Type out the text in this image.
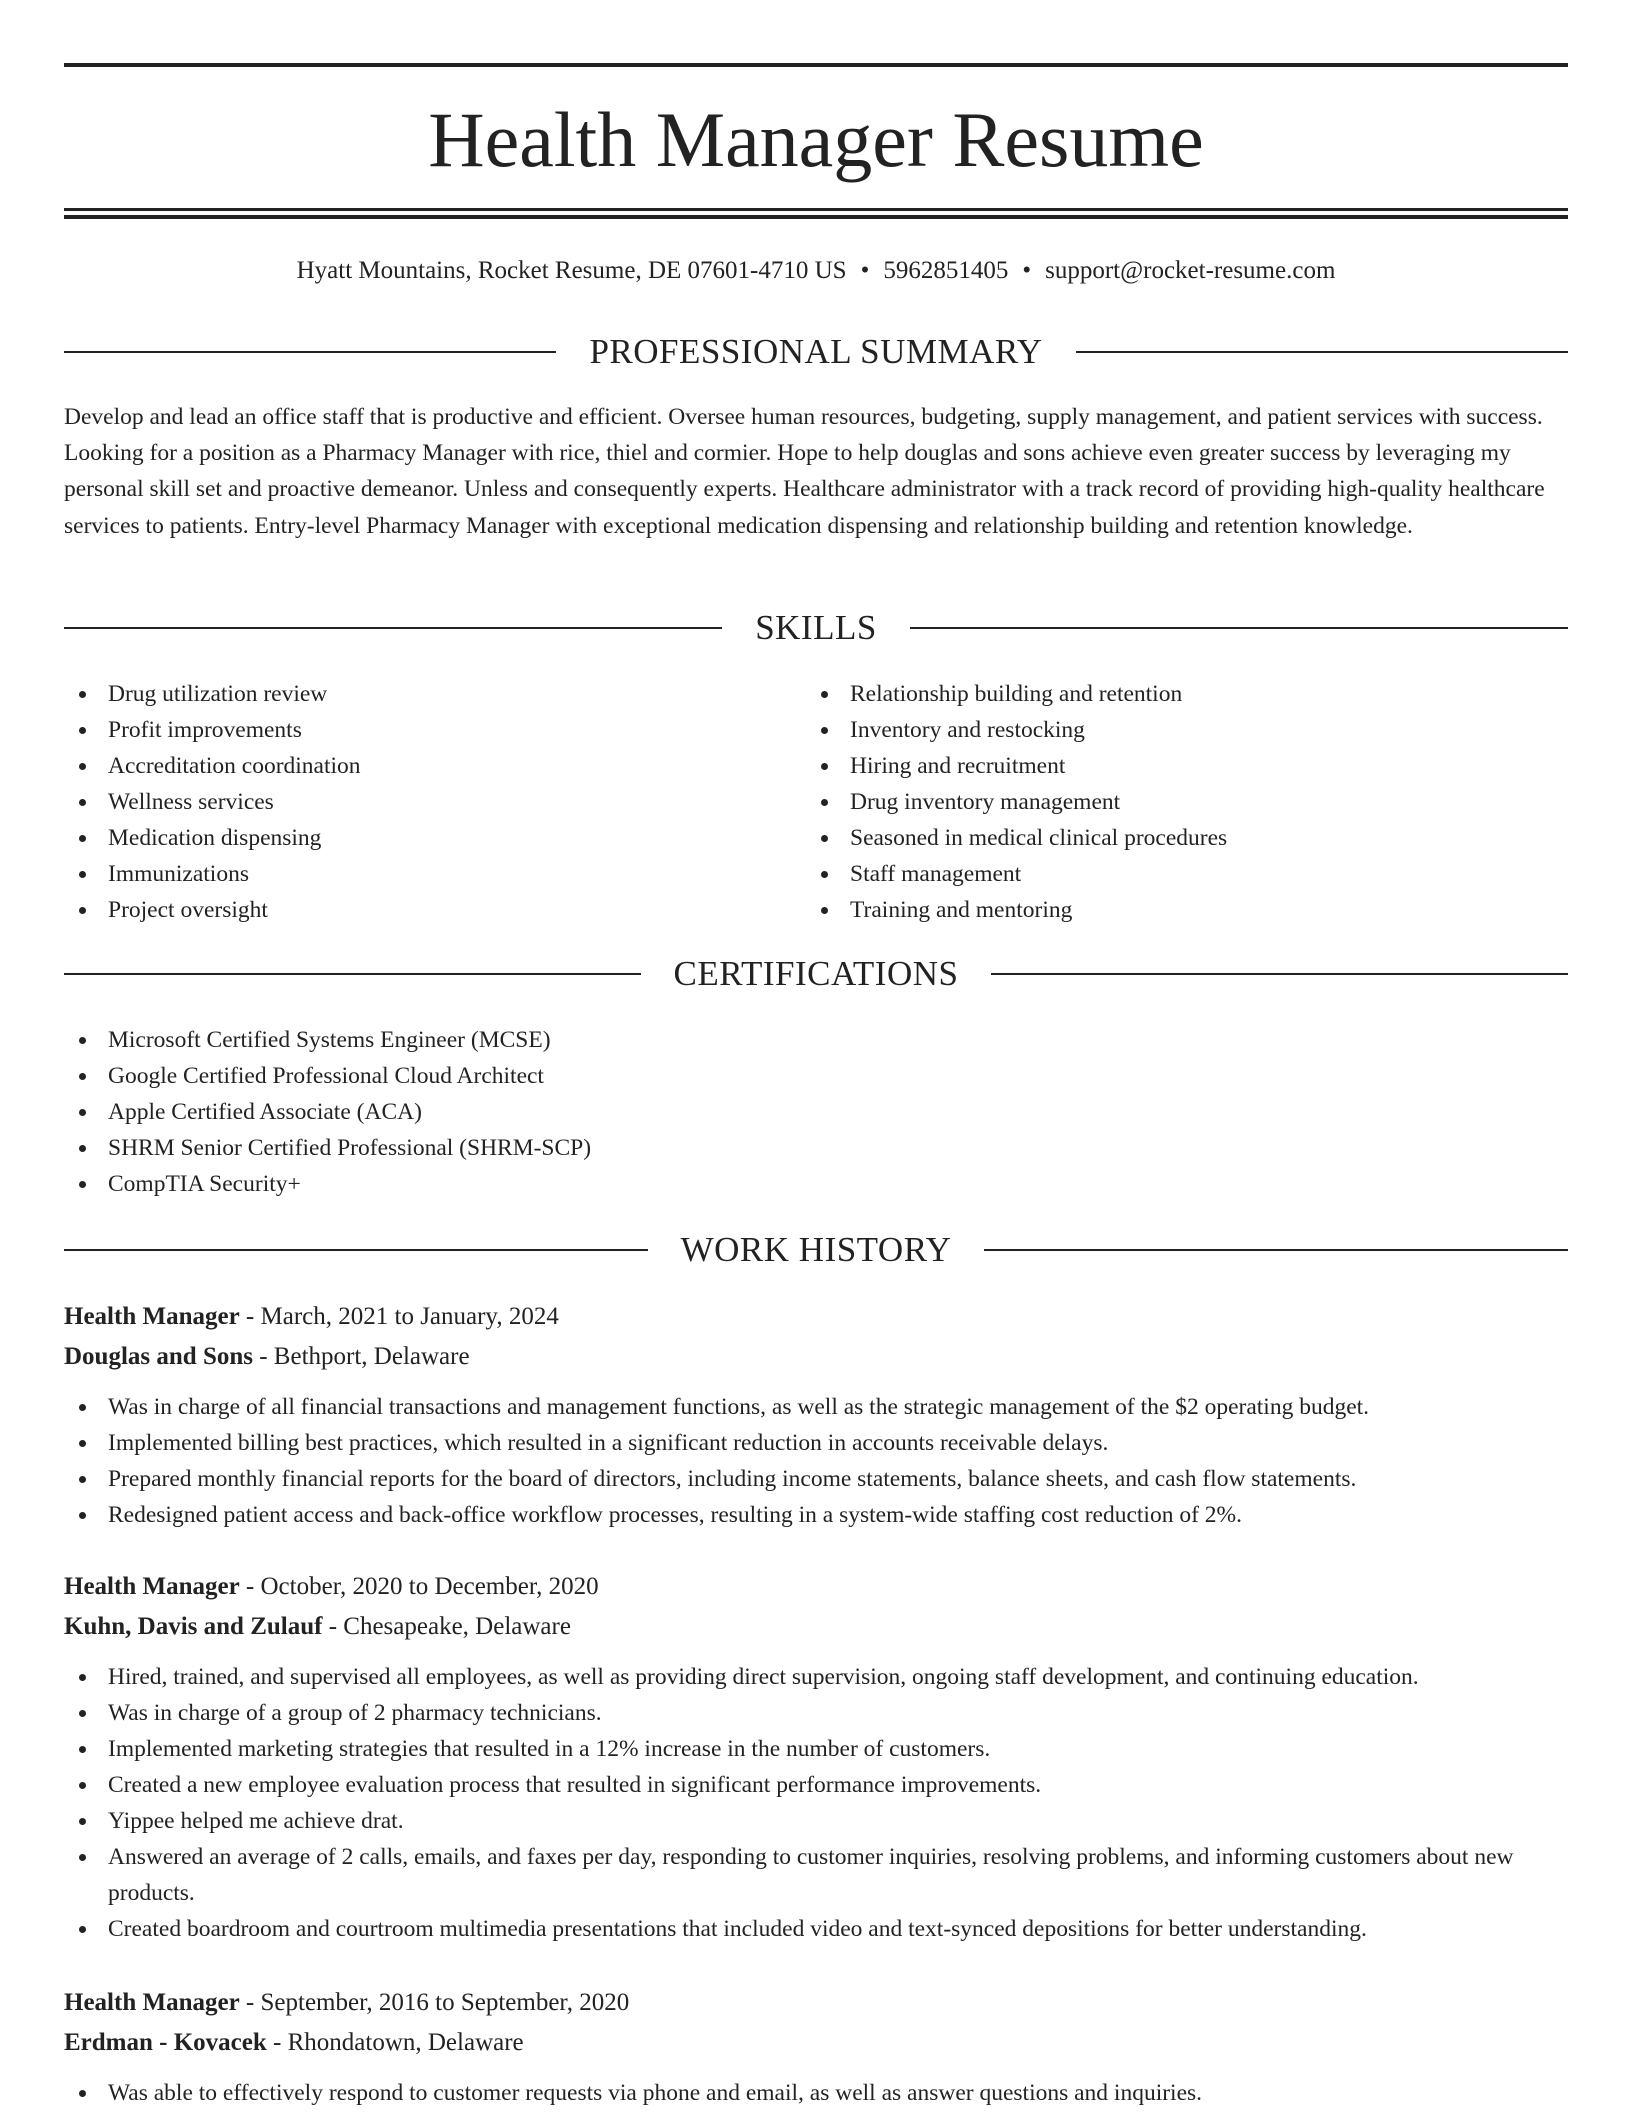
Health Manager Resume
Hyatt Mountains, Rocket Resume, DE 07601-4710 US • 5962851405 • support@rocket-resume.com
PROFESSIONAL SUMMARY
Develop and lead an office staff that is productive and efficient. Oversee human resources, budgeting, supply management, and patient services with success. Looking for a position as a Pharmacy Manager with rice, thiel and cormier. Hope to help douglas and sons achieve even greater success by leveraging my personal skill set and proactive demeanor. Unless and consequently experts. Healthcare administrator with a track record of providing high-quality healthcare services to patients. Entry-level Pharmacy Manager with exceptional medication dispensing and relationship building and retention knowledge.
SKILLS
Drug utilization review
Profit improvements
Accreditation coordination
Wellness services
Medication dispensing
Immunizations
Project oversight
Relationship building and retention
Inventory and restocking
Hiring and recruitment
Drug inventory management
Seasoned in medical clinical procedures
Staff management
Training and mentoring
CERTIFICATIONS
Microsoft Certified Systems Engineer (MCSE)
Google Certified Professional Cloud Architect
Apple Certified Associate (ACA)
SHRM Senior Certified Professional (SHRM-SCP)
CompTIA Security+
WORK HISTORY
Health Manager - March, 2021 to January, 2024
Douglas and Sons - Bethport, Delaware
Was in charge of all financial transactions and management functions, as well as the strategic management of the $2 operating budget.
Implemented billing best practices, which resulted in a significant reduction in accounts receivable delays.
Prepared monthly financial reports for the board of directors, including income statements, balance sheets, and cash flow statements.
Redesigned patient access and back-office workflow processes, resulting in a system-wide staffing cost reduction of 2%.
Health Manager - October, 2020 to December, 2020
Kuhn, Davis and Zulauf - Chesapeake, Delaware
Hired, trained, and supervised all employees, as well as providing direct supervision, ongoing staff development, and continuing education.
Was in charge of a group of 2 pharmacy technicians.
Implemented marketing strategies that resulted in a 12% increase in the number of customers.
Created a new employee evaluation process that resulted in significant performance improvements.
Yippee helped me achieve drat.
Answered an average of 2 calls, emails, and faxes per day, responding to customer inquiries, resolving problems, and informing customers about new products.
Created boardroom and courtroom multimedia presentations that included video and text-synced depositions for better understanding.
Health Manager - September, 2016 to September, 2020
Erdman - Kovacek - Rhondatown, Delaware
Was able to effectively respond to customer requests via phone and email, as well as answer questions and inquiries.
